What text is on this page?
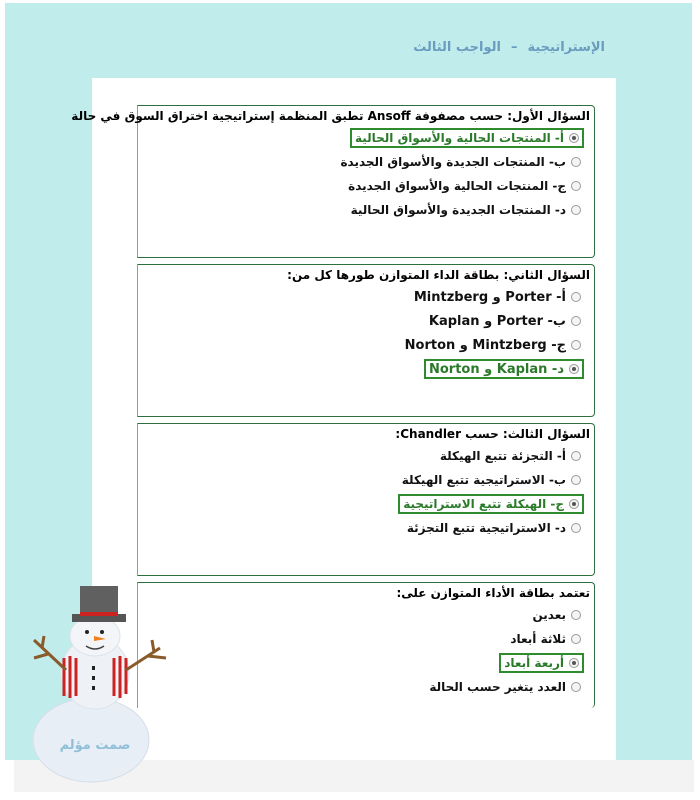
الإستراتيجية–الواجب الثالث
السؤال الأول: حسب مصفوفة Ansoff تطبق المنظمة إستراتيجية اختراق السوق في حالة
أ- المنتجات الحالية والأسواق الحالية
ب- المنتجات الجديدة والأسواق الجديدة
ج- المنتجات الحالية والأسواق الجديدة
د- المنتجات الجديدة والأسواق الحالية
السؤال الثاني: بطاقة الداء المتوازن طورها كل من:
أ- Porter و Mintzberg
ب- Porter و Kaplan
ج- Mintzberg و Norton
د- Kaplan و Norton
السؤال الثالث: حسب Chandler:
أ- التجزئة تتبع الهيكلة
ب- الاستراتيجية تتبع الهيكلة
ج- الهيكلة تتبع الاستراتيجية
د- الاستراتيجية تتبع التجزئة
تعتمد بطاقة الأداء المتوازن على:
بعدين
ثلاثة أبعاد
أربعة أبعاد
العدد يتغير حسب الحالة
صمت مؤلم
